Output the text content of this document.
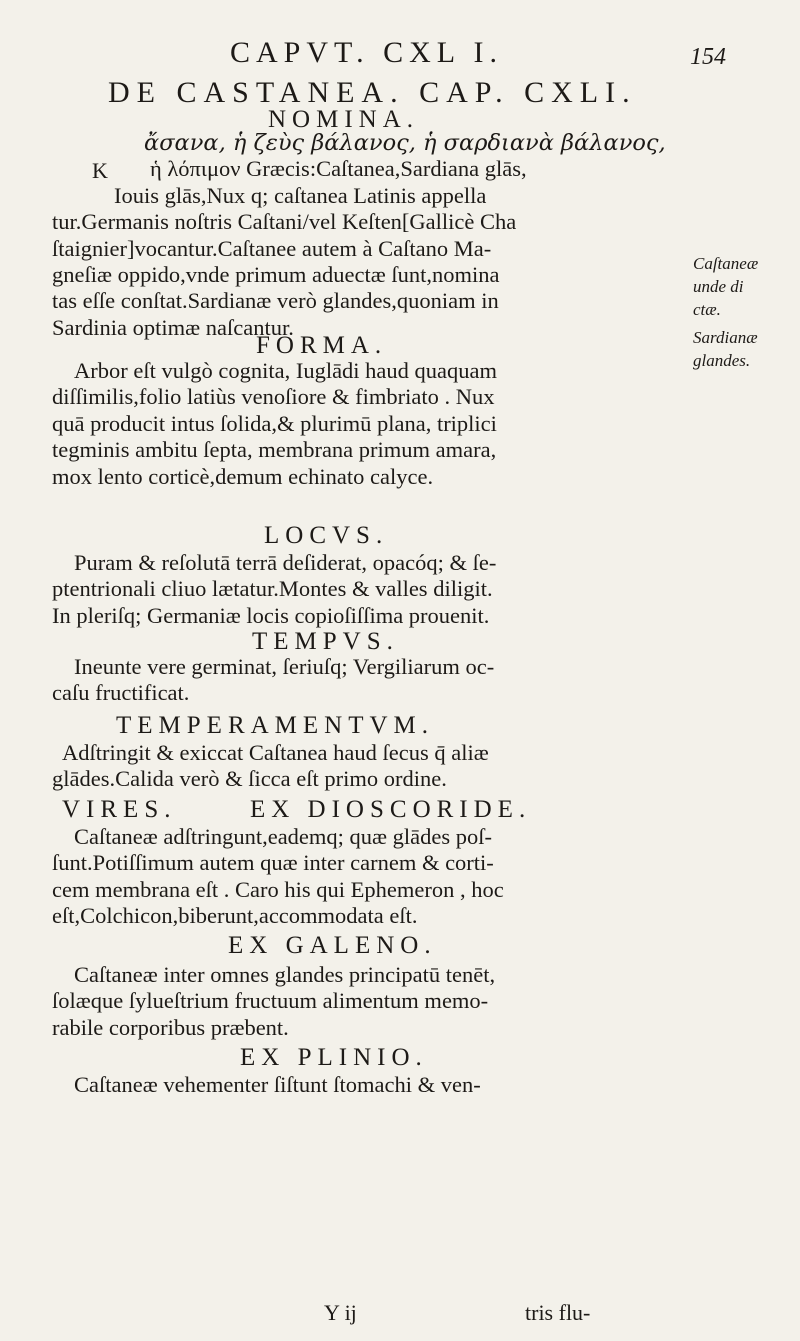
CAPVT. CXL I.	154
DE CASTANEA. CAP. CXLI.
NOMINA.
K
ἄσανα, ἡ ζεὺς βάλανος, ἡ σαρδιανὰ βάλανος,
ἡ λόπιμον Græcis:Caſtanea,Sardiana glās,
Iouis glās,Nux q; caſtanea Latinis appella
tur.Germanis noſtris Caſtani/vel Keſten[Gallicè Cha
ſtaignier]vocantur.Caſtanee autem à Caſtano Ma-
gneſiæ oppido,vnde primum aduectæ ſunt,nomina
tas eſſe conſtat.Sardianæ verò glandes,quoniam in
Sardinia optimæ naſcantur.
Caſtaneæ
unde di
ctæ.
Sardianæ
glandes.
FORMA.
Arbor eſt vulgò cognita, Iuglādi haud quaquam
diſſimilis,folio latiùs venoſiore & fimbriato . Nux
quā producit intus ſolida,& plurimū plana, triplici
tegminis ambitu ſepta, membrana primum amara,
mox lento corticè,demum echinato calyce.
LOCVS.
Puram & reſolutā terrā deſiderat, opacóq; & ſe-
ptentrionali cliuo lætatur.Montes & valles diligit.
In pleriſq; Germaniæ locis copioſiſſima prouenit.
TEMPVS.
Ineunte vere germinat, ſeriuſq; Vergiliarum oc-
caſu fructificat.
TEMPERAMENTVM.
Adſtringit & exiccat Caſtanea haud ſecus q̄ aliæ
glādes.Calida verò & ſicca eſt primo ordine.
VIRES.      EX DIOSCORIDE.
Caſtaneæ adſtringunt,eademq; quæ glādes poſ-
ſunt.Potiſſimum autem quæ inter carnem & corti-
cem membrana eſt . Caro his qui Ephemeron , hoc
eſt,Colchicon,biberunt,accommodata eſt.
EX GALENO.
Caſtaneæ inter omnes glandes principatū tenēt,
ſolæque ſylueſtrium fructuum alimentum memo-
rabile corporibus præbent.
EX PLINIO.
Caſtaneæ vehementer ſiſtunt ſtomachi & ven-
Y ij	tris flu-
